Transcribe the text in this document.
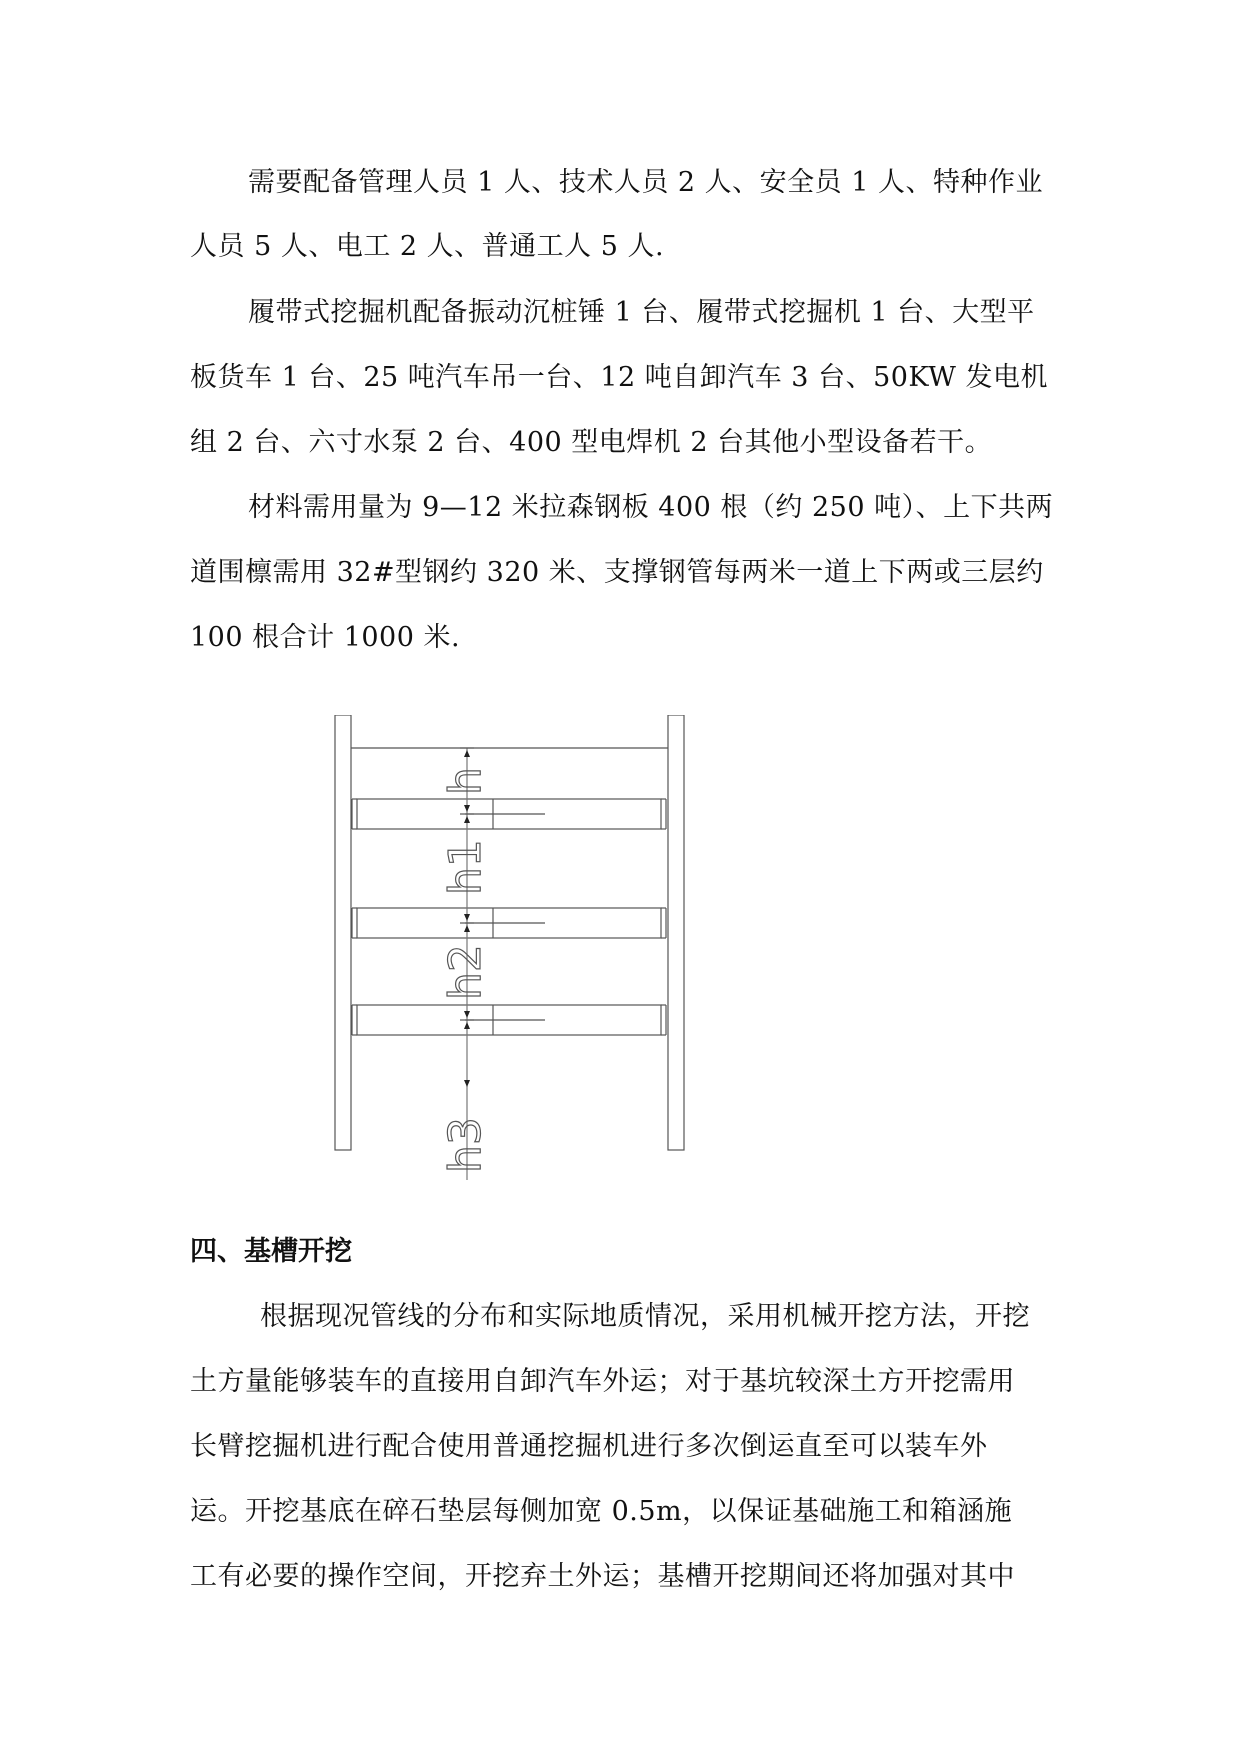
需要配备管理人员 1 人、技术人员 2 人、安全员 1 人、特种作业
人员 5 人、电工 2 人、普通工人 5 人.
履带式挖掘机配备振动沉桩锤 1 台、履带式挖掘机 1 台、大型平
板货车 1 台、25 吨汽车吊一台、12 吨自卸汽车 3 台、50KW 发电机
组 2 台、六寸水泵 2 台、400 型电焊机 2 台其他小型设备若干。
材料需用量为 9—12 米拉森钢板 400 根（约 250 吨）、上下共两
道围檩需用 32#型钢约 320 米、支撑钢管每两米一道上下两或三层约
100 根合计 1000 米.
h
h1
h2
h3
四、基槽开挖
根据现况管线的分布和实际地质情况，采用机械开挖方法，开挖
土方量能够装车的直接用自卸汽车外运；对于基坑较深土方开挖需用
长臂挖掘机进行配合使用普通挖掘机进行多次倒运直至可以装车外
运。开挖基底在碎石垫层每侧加宽 0.5m，以保证基础施工和箱涵施
工有必要的操作空间，开挖弃土外运；基槽开挖期间还将加强对其中
